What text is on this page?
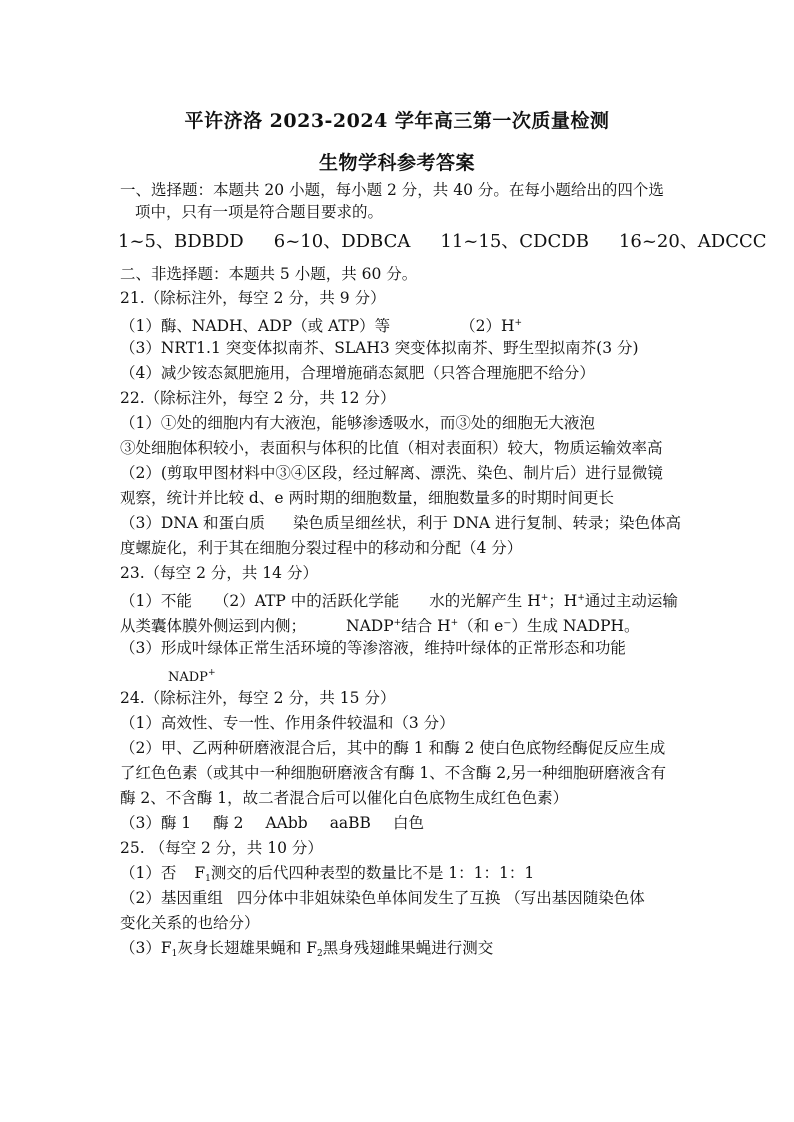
平许济洛 2023-2024 学年高三第一次质量检测
生物学科参考答案
一、选择题：本题共 20 小题，每小题 2 分，共 40 分。在每小题给出的四个选
项中，只有一项是符合题目要求的。
1~5、BDBDD 6~10、DDBCA 11~15、CDCDB 16~20、ADCCC
二、非选择题：本题共 5 小题，共 60 分。
21.（除标注外，每空 2 分，共 9 分）
（1）酶、NADH、ADP（或 ATP）等	（2）H+
（3）NRT1.1 突变体拟南芥、SLAH3 突变体拟南芥、野生型拟南芥(3 分)
（4）减少铵态氮肥施用，合理增施硝态氮肥（只答合理施肥不给分）
22.（除标注外，每空 2 分，共 12 分）
（1）①处的细胞内有大液泡，能够渗透吸水，而③处的细胞无大液泡
③处细胞体积较小，表面积与体积的比值（相对表面积）较大，物质运输效率高
（2）(剪取甲图材料中③④区段，经过解离、漂洗、染色、制片后）进行显微镜
观察，统计并比较 d、e 两时期的细胞数量，细胞数量多的时期时间更长
（3）DNA 和蛋白质 染色质呈细丝状，利于 DNA 进行复制、转录；染色体高
度螺旋化，利于其在细胞分裂过程中的移动和分配（4 分）
23.（每空 2 分，共 14 分）
（1）不能 （2）ATP 中的活跃化学能 水的光解产生 H+；H+通过主动运输
从类囊体膜外侧运到内侧；	NADP+结合 H+（和 e⁻）生成 NADPH。
（3）形成叶绿体正常生活环境的等渗溶液，维持叶绿体的正常形态和功能
NADP+
24.（除标注外，每空 2 分，共 15 分）
（1）高效性、专一性、作用条件较温和（3 分）
（2）甲、乙两种研磨液混合后，其中的酶 1 和酶 2 使白色底物经酶促反应生成
了红色色素（或其中一种细胞研磨液含有酶 1、不含酶 2,另一种细胞研磨液含有
酶 2、不含酶 1，故二者混合后可以催化白色底物生成红色色素）
（3）酶 1 酶 2 AAbb aaBB 白色
25. （每空 2 分，共 10 分）
（1）否 $F_1$测交的后代四种表型的数量比不是 1：1：1：1
（2）基因重组 四分体中非姐妹染色单体间发生了互换 （写出基因随染色体
变化关系的也给分）
$(3)F_1$灰身长翅雄果蝇和 $F_2$黑身残翅雌果蝇进行测交
